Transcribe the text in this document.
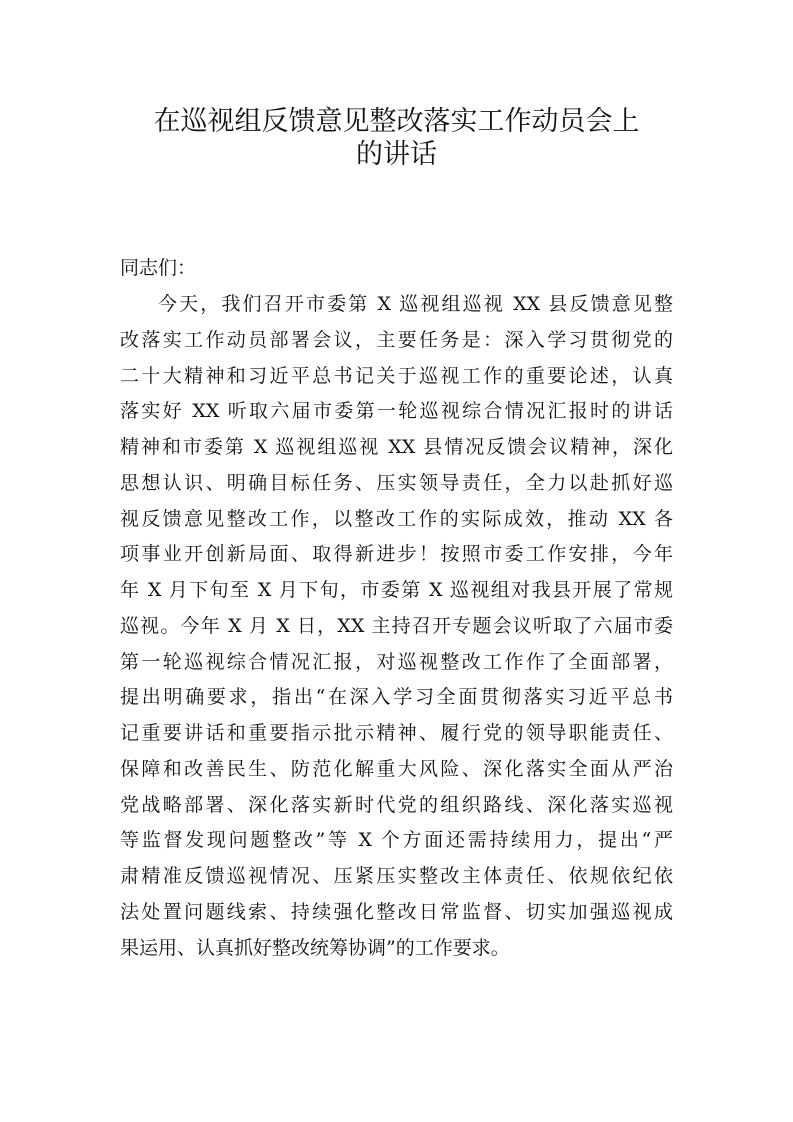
在巡视组反馈意见整改落实工作动员会上
的讲话
同志们：
今天，我们召开市委第 X 巡视组巡视 XX 县反馈意见整
改落实工作动员部署会议，主要任务是：深入学习贯彻党的
二十大精神和习近平总书记关于巡视工作的重要论述，认真
落实好 XX 听取六届市委第一轮巡视综合情况汇报时的讲话
精神和市委第 X 巡视组巡视 XX 县情况反馈会议精神，深化
思想认识、明确目标任务、压实领导责任，全力以赴抓好巡
视反馈意见整改工作，以整改工作的实际成效，推动 XX 各
项事业开创新局面、取得新进步！按照市委工作安排，今年
年 X 月下旬至 X 月下旬，市委第 X 巡视组对我县开展了常规
巡视。今年 X 月 X 日，XX 主持召开专题会议听取了六届市委
第一轮巡视综合情况汇报，对巡视整改工作作了全面部署，
提出明确要求，指出“在深入学习全面贯彻落实习近平总书
记重要讲话和重要指示批示精神、履行党的领导职能责任、
保障和改善民生、防范化解重大风险、深化落实全面从严治
党战略部署、深化落实新时代党的组织路线、深化落实巡视
等监督发现问题整改”等 X 个方面还需持续用力，提出“严
肃精准反馈巡视情况、压紧压实整改主体责任、依规依纪依
法处置问题线索、持续强化整改日常监督、切实加强巡视成
果运用、认真抓好整改统筹协调”的工作要求。
